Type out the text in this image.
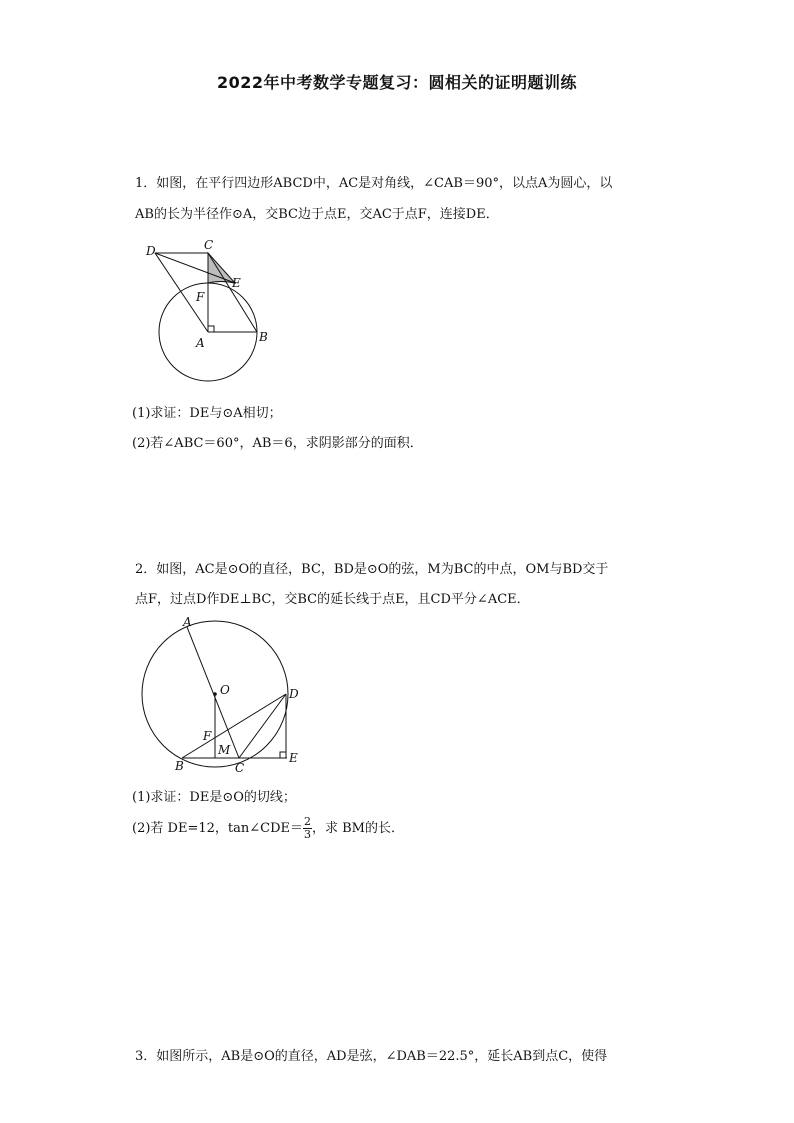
2022年中考数学专题复习：圆相关的证明题训练
1．如图，在平行四边形ABCD中，AC是对角线，∠CAB＝90°，以点A为圆心，以
AB的长为半径作⊙A，交BC边于点E，交AC于点F，连接DE．
D	C
E
F
A	B
(1)求证：DE与⊙A相切；
(2)若∠ABC＝60°，AB＝6，求阴影部分的面积．
2．如图，AC是⊙O的直径，BC，BD是⊙O的弦，M为BC的中点，OM与BD交于
点F，过点D作DE⊥BC，交BC的延长线于点E，且CD平分∠ACE．
A
O	D
F
M
B	C
E
(1)求证：DE是⊙O的切线；
(2)若 DE=12，tan∠CDE＝ $\frac{2}{3}$ ，求 BM的长．
3．如图所示，AB是⊙O的直径，AD是弦，∠DAB＝22.5°，延长AB到点C，使得
